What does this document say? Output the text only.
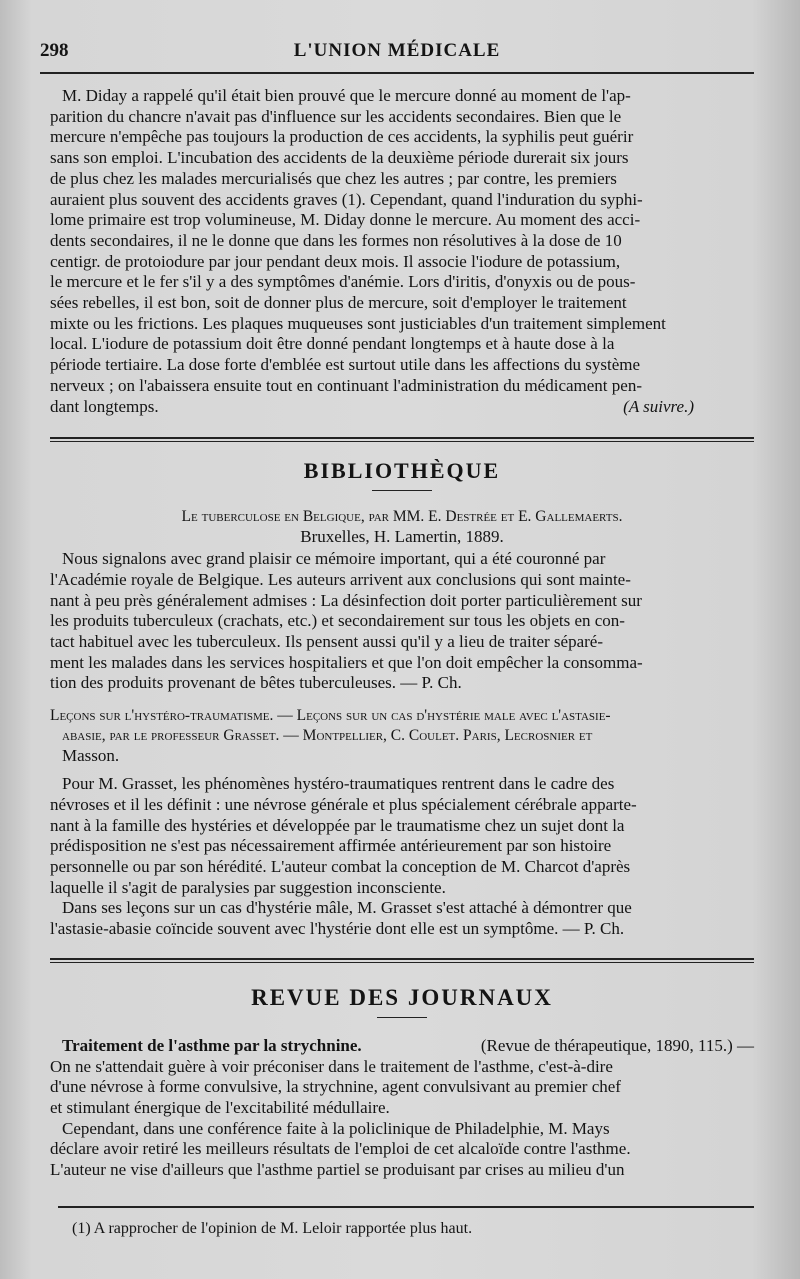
298	L'UNION MÉDICALE

M. Diday a rappelé qu'il était bien prouvé que le mercure donné au moment de l'ap-

parition du chancre n'avait pas d'influence sur les accidents secondaires. Bien que le

mercure n'empêche pas toujours la production de ces accidents, la syphilis peut guérir

sans son emploi. L'incubation des accidents de la deuxième période durerait six jours

de plus chez les malades mercurialisés que chez les autres ; par contre, les premiers

auraient plus souvent des accidents graves (1). Cependant, quand l'induration du syphi-

lome primaire est trop volumineuse, M. Diday donne le mercure. Au moment des acci-

dents secondaires, il ne le donne que dans les formes non résolutives à la dose de 10

centigr. de protoiodure par jour pendant deux mois. Il associe l'iodure de potassium,

le mercure et le fer s'il y a des symptômes d'anémie. Lors d'iritis, d'onyxis ou de pous-

sées rebelles, il est bon, soit de donner plus de mercure, soit d'employer le traitement

mixte ou les frictions. Les plaques muqueuses sont justiciables d'un traitement simplement

local. L'iodure de potassium doit être donné pendant longtemps et à haute dose à la

période tertiaire. La dose forte d'emblée est surtout utile dans les affections du système

nerveux ; on l'abaissera ensuite tout en continuant l'administration du médicament pen-

dant longtemps.	(A suivre.)

BIBLIOTHÈQUE
Le tuberculose en Belgique, par MM. E. Destrée et E. Gallemaerts.
Bruxelles, H. Lamertin, 1889.

Nous signalons avec grand plaisir ce mémoire important, qui a été couronné par

l'Académie royale de Belgique. Les auteurs arrivent aux conclusions qui sont mainte-

nant à peu près généralement admises : La désinfection doit porter particulièrement sur

les produits tuberculeux (crachats, etc.) et secondairement sur tous les objets en con-

tact habituel avec les tuberculeux. Ils pensent aussi qu'il y a lieu de traiter séparé-

ment les malades dans les services hospitaliers et que l'on doit empêcher la consomma-

tion des produits provenant de bêtes tuberculeuses. — P. Ch.

Leçons sur l'hystéro-traumatisme. — Leçons sur un cas d'hystérie male avec l'astasie-
abasie, par le professeur Grasset. — Montpellier, C. Coulet. Paris, Lecrosnier et
Masson.

Pour M. Grasset, les phénomènes hystéro-traumatiques rentrent dans le cadre des

névroses et il les définit : une névrose générale et plus spécialement cérébrale apparte-

nant à la famille des hystéries et développée par le traumatisme chez un sujet dont la

prédisposition ne s'est pas nécessairement affirmée antérieurement par son histoire

personnelle ou par son hérédité. L'auteur combat la conception de M. Charcot d'après

laquelle il s'agit de paralysies par suggestion inconsciente.

Dans ses leçons sur un cas d'hystérie mâle, M. Grasset s'est attaché à démontrer que

l'astasie-abasie coïncide souvent avec l'hystérie dont elle est un symptôme. — P. Ch.

REVUE DES JOURNAUX

Traitement de l'asthme par la strychnine.	(Revue de thérapeutique, 1890, 115.) —

On ne s'attendait guère à voir préconiser dans le traitement de l'asthme, c'est-à-dire

d'une névrose à forme convulsive, la strychnine, agent convulsivant au premier chef

et stimulant énergique de l'excitabilité médullaire.

Cependant, dans une conférence faite à la policlinique de Philadelphie, M. Mays

déclare avoir retiré les meilleurs résultats de l'emploi de cet alcaloïde contre l'asthme.

L'auteur ne vise d'ailleurs que l'asthme partiel se produisant par crises au milieu d'un

(1) A rapprocher de l'opinion de M. Leloir rapportée plus haut.
